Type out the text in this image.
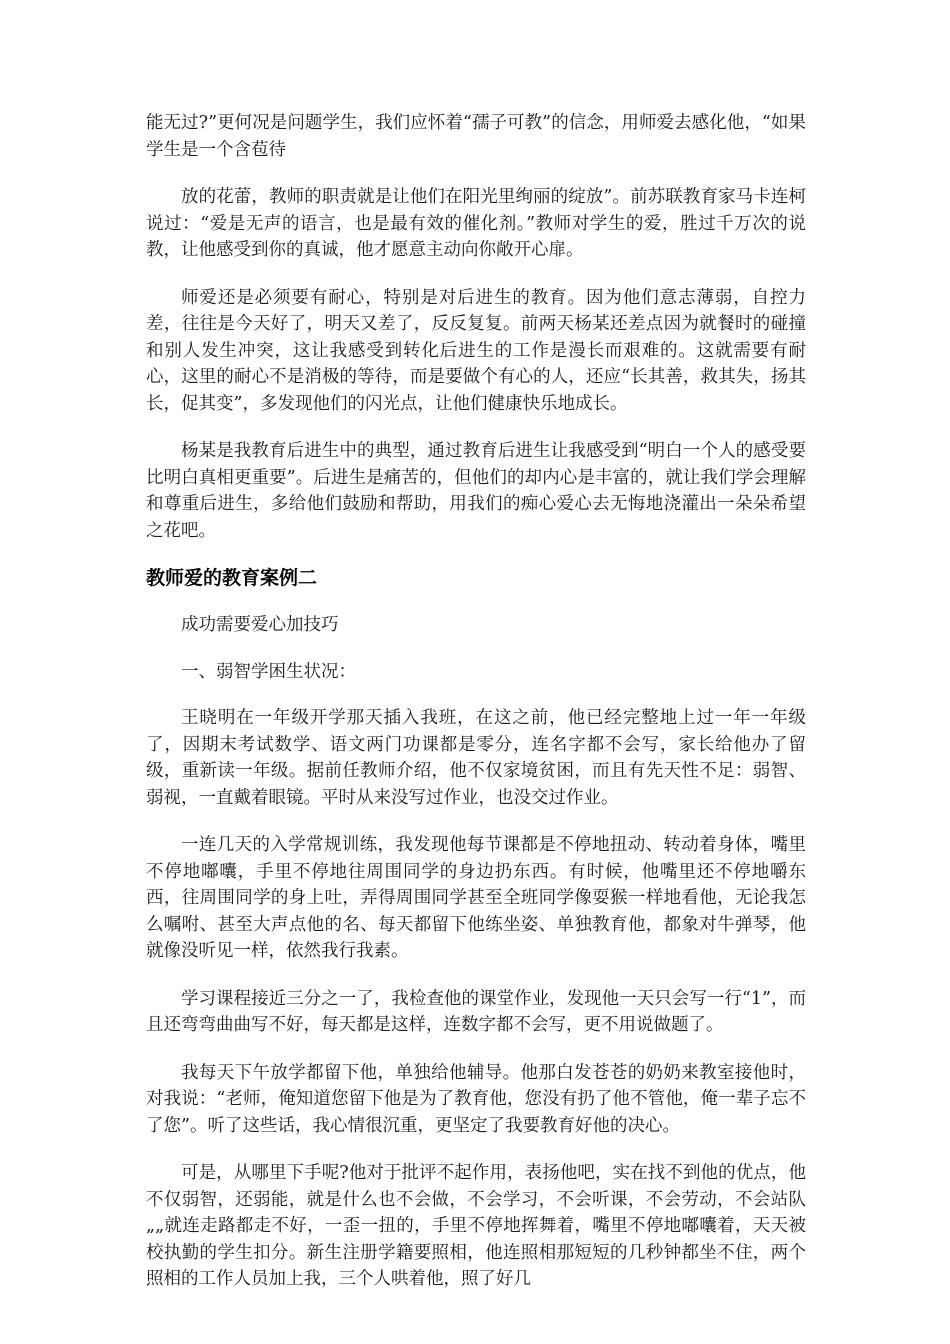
能无过?”更何况是问题学生，我们应怀着“孺子可教”的信念，用师爱去感化他，“如果学生是一个含苞待

放的花蕾，教师的职责就是让他们在阳光里绚丽的绽放”。前苏联教育家马卡连柯说过：“爱是无声的语言，也是最有效的催化剂。”教师对学生的爱，胜过千万次的说教，让他感受到你的真诚，他才愿意主动向你敞开心扉。

师爱还是必须要有耐心，特别是对后进生的教育。因为他们意志薄弱，自控力差，往往是今天好了，明天又差了，反反复复。前两天杨某还差点因为就餐时的碰撞和别人发生冲突，这让我感受到转化后进生的工作是漫长而艰难的。这就需要有耐心，这里的耐心不是消极的等待，而是要做个有心的人，还应“长其善，救其失，扬其长，促其变”，多发现他们的闪光点，让他们健康快乐地成长。

杨某是我教育后进生中的典型，通过教育后进生让我感受到“明白一个人的感受要比明白真相更重要”。后进生是痛苦的，但他们的却内心是丰富的，就让我们学会理解和尊重后进生，多给他们鼓励和帮助，用我们的痴心爱心去无悔地浇灌出一朵朵希望之花吧。

教师爱的教育案例二

成功需要爱心加技巧

一、弱智学困生状况：

王晓明在一年级开学那天插入我班，在这之前，他已经完整地上过一年一年级了，因期末考试数学、语文两门功课都是零分，连名字都不会写，家长给他办了留级，重新读一年级。据前任教师介绍，他不仅家境贫困，而且有先天性不足：弱智、弱视，一直戴着眼镜。平时从来没写过作业，也没交过作业。

一连几天的入学常规训练，我发现他每节课都是不停地扭动、转动着身体，嘴里不停地嘟囔，手里不停地往周围同学的身边扔东西。有时候，他嘴里还不停地嚼东西，往周围同学的身上吐，弄得周围同学甚至全班同学像耍猴一样地看他，无论我怎么嘱咐、甚至大声点他的名、每天都留下他练坐姿、单独教育他，都象对牛弹琴，他就像没听见一样，依然我行我素。

学习课程接近三分之一了，我检查他的课堂作业，发现他一天只会写一行“1”，而且还弯弯曲曲写不好，每天都是这样，连数字都不会写，更不用说做题了。

我每天下午放学都留下他，单独给他辅导。他那白发苍苍的奶奶来教室接他时，对我说：“老师，俺知道您留下他是为了教育他，您没有扔了他不管他，俺一辈子忘不了您”。听了这些话，我心情很沉重，更坚定了我要教育好他的决心。

可是，从哪里下手呢?他对于批评不起作用，表扬他吧，实在找不到他的优点，他不仅弱智，还弱能，就是什么也不会做，不会学习，不会听课，不会劳动，不会站队„„就连走路都走不好，一歪一扭的，手里不停地挥舞着，嘴里不停地嘟囔着，天天被校执勤的学生扣分。新生注册学籍要照相，他连照相那短短的几秒钟都坐不住，两个照相的工作人员加上我，三个人哄着他，照了好几
